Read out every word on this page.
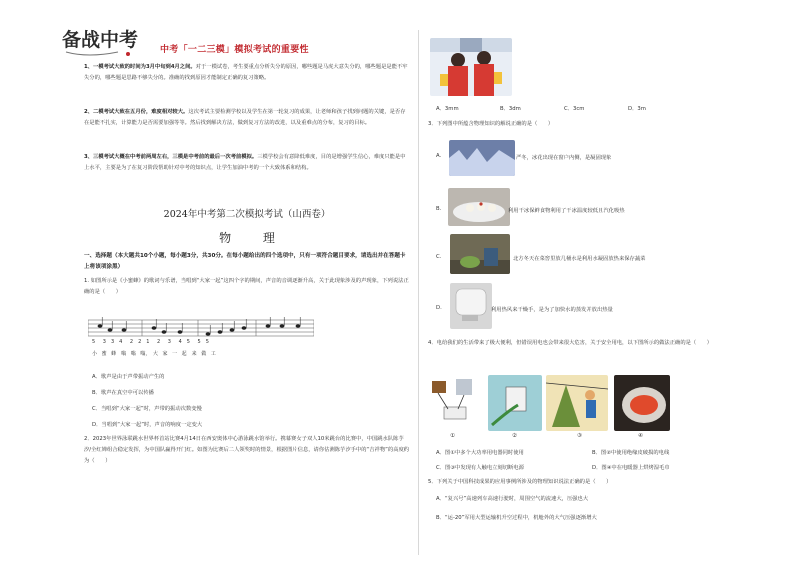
备战中考 中考「一二三模」模拟考试的重要性

1、一模考试大致的时间为3月中旬到4月之间。对于一模试卷，考生要重点分析失分的原因，哪些题是马虎大意失分的，哪些题是是能不牢失分的，哪些题是思路不够失分的。准确的找到原因才能制定正确的复习策略。

2、二模考试大致在五月份，难度相对较大。这次考试主要检测学校以及学生在第一轮复习的成果，让老师和孩子找到问题的关键，是否存在是能不扎实，计算能力是否需要加强等等。然后找到解决方法，做到复习方法的改进，以及重难点的分布，复习的目标。

3、三模考试大概在中考前两周左右，三模是中考前的最后一次考前模拟。三模学校会有意降低难度，目的是增强学生信心，难度只能是中上水平，主要是为了在复习阶段帮助针对中考的知识点，让学生加油中考的一个大致体系和结构。

2024年中考第二次模拟考试（山西卷）
物 理
一、选择题（本大题共10个小题，每小题3分，共30分。在每小题给出的四个选项中，只有一项符合题目要求，请选出并在答题卡上将该项涂黑）
1. 如图所示是《小蜜蜂》的歌词与乐谱，当唱到“大家一起”这四个字的期间，声音的音调逐渐升高，关于此现象涉及的声现象，下列说法正确的是（　　）
5 3　3　4 2　2　1 2 3 4　5 5　5
小 蜜 蜂　嗡 嗡 嗡，　大 家 一 起　来 做 工
A．歌声是由于声带振动产生的
B．歌声在真空中可以传播
C．当唱到“大家一起”时，声带的振动次数变慢
D．当唱到“大家一起”时，声音的响度一定变大
2．2023年世界泳联跳水世界杯首站比赛4月14日在西安奥体中心游泳跳水馆举行。携幕赛女子双人10米跳台的比赛中，中国跳水队陈芋汐/全红婵组合稳定发挥，为中国队赢得开门红。如图为比赛后二人领奖时的情景，根据图片信息，请你估测陈芋汐手中的“吉祥物”的高度约为（　　）
A．3mm	B．3dm	C．3cm	D．3m
3．下列图中所蕴含物理知识的解说正确的是（　　）
A.	严冬，冰花出现在窗户内侧，是凝固现象
B.	利用干冰保鲜食物利用了干冰温度较低且汽化吸热
C.	北方冬天在菜窖里放几桶水是利用水凝固放热来保存蔬菜
D.	利用热风来干燥手，是为了加快水的蒸发并放出热量
4．电给我们的生活带来了极大便利，但错误用电也会带来很大危害，关于安全用电，以下图所示的做法正确的是（　　）
①	②	③	④
A．图①中多个大功率用电器同时使用	B．图②中使用绝缘皮破损的电线
C．图③中发现有人触电立刻切断电源	D．图④中在电暖器上烘烤湿毛巾
5．下列关于中国科技成果的应用事例所涉及的物理知识说法正确的是（　　）
A．“复兴号”高速列车高速行驶时，周围空气的流速大，压强也大
B．“运-20”军用大型运输机升空过程中，机舱外的大气压强逐渐增大
